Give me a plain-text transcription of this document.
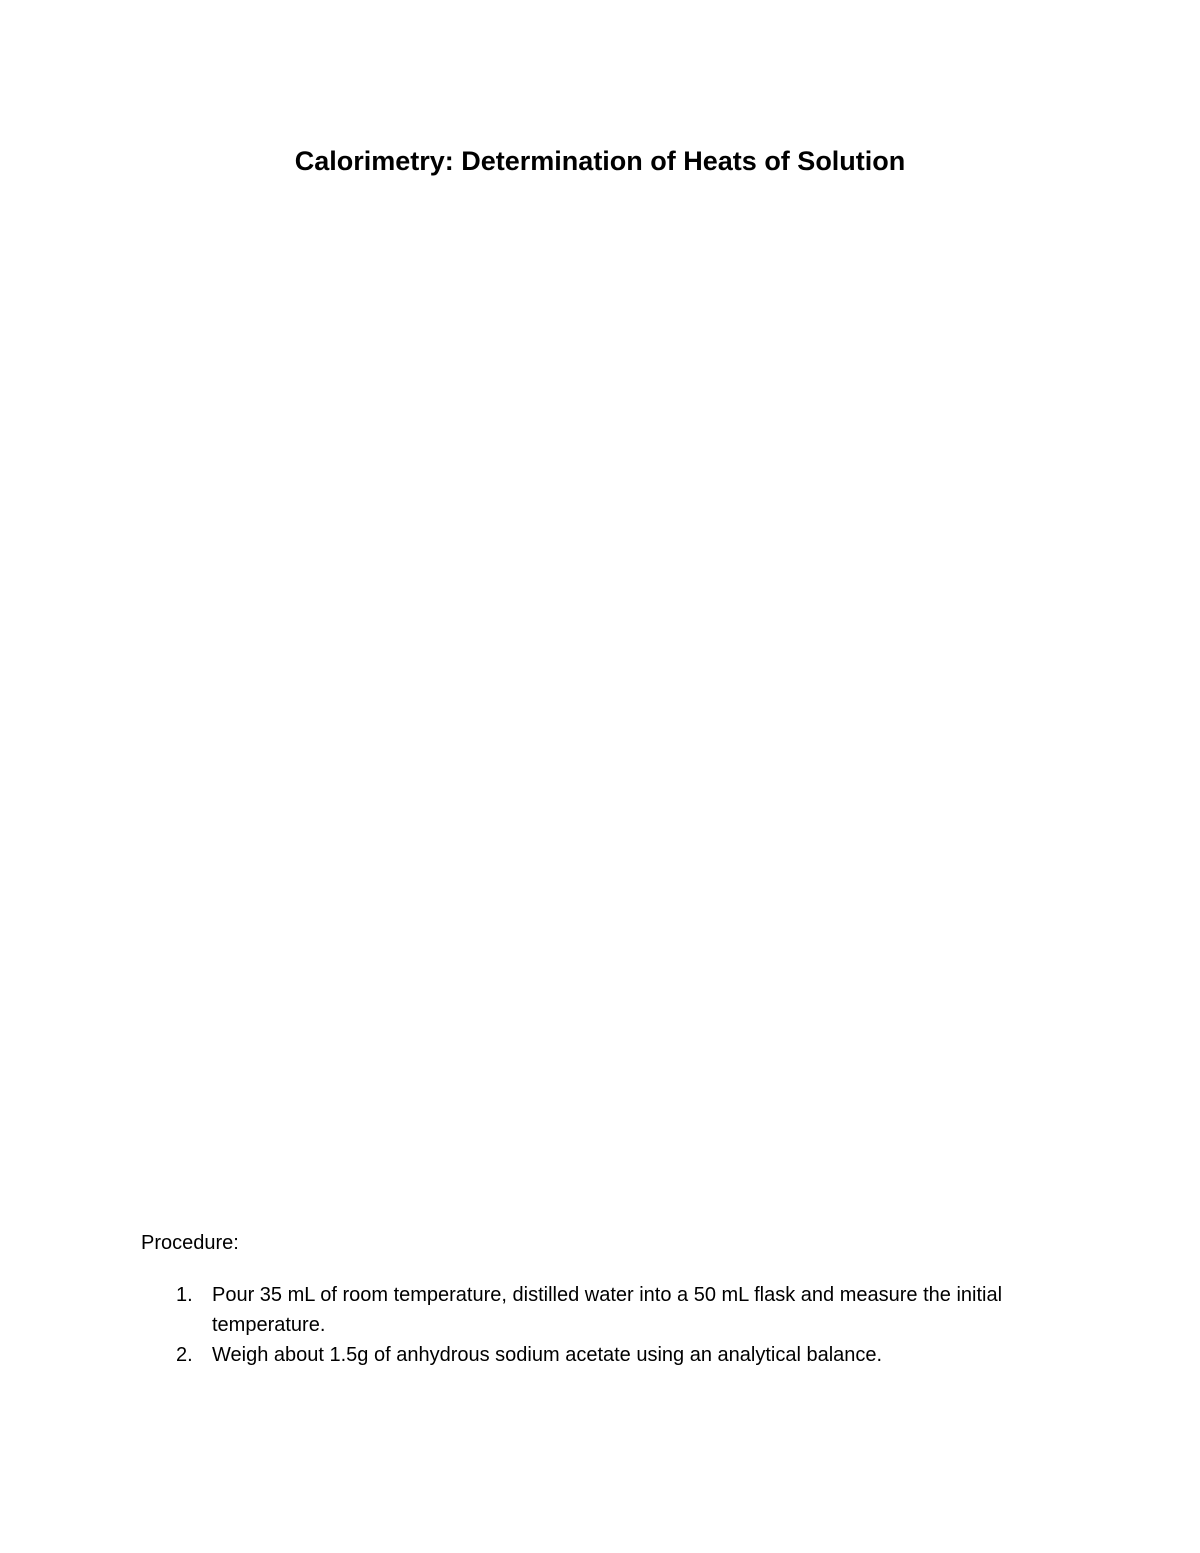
Calorimetry: Determination of Heats of Solution

Procedure:

1. Pour 35 mL of room temperature, distilled water into a 50 mL flask and measure the initial temperature.
2. Weigh about 1.5g of anhydrous sodium acetate using an analytical balance.
